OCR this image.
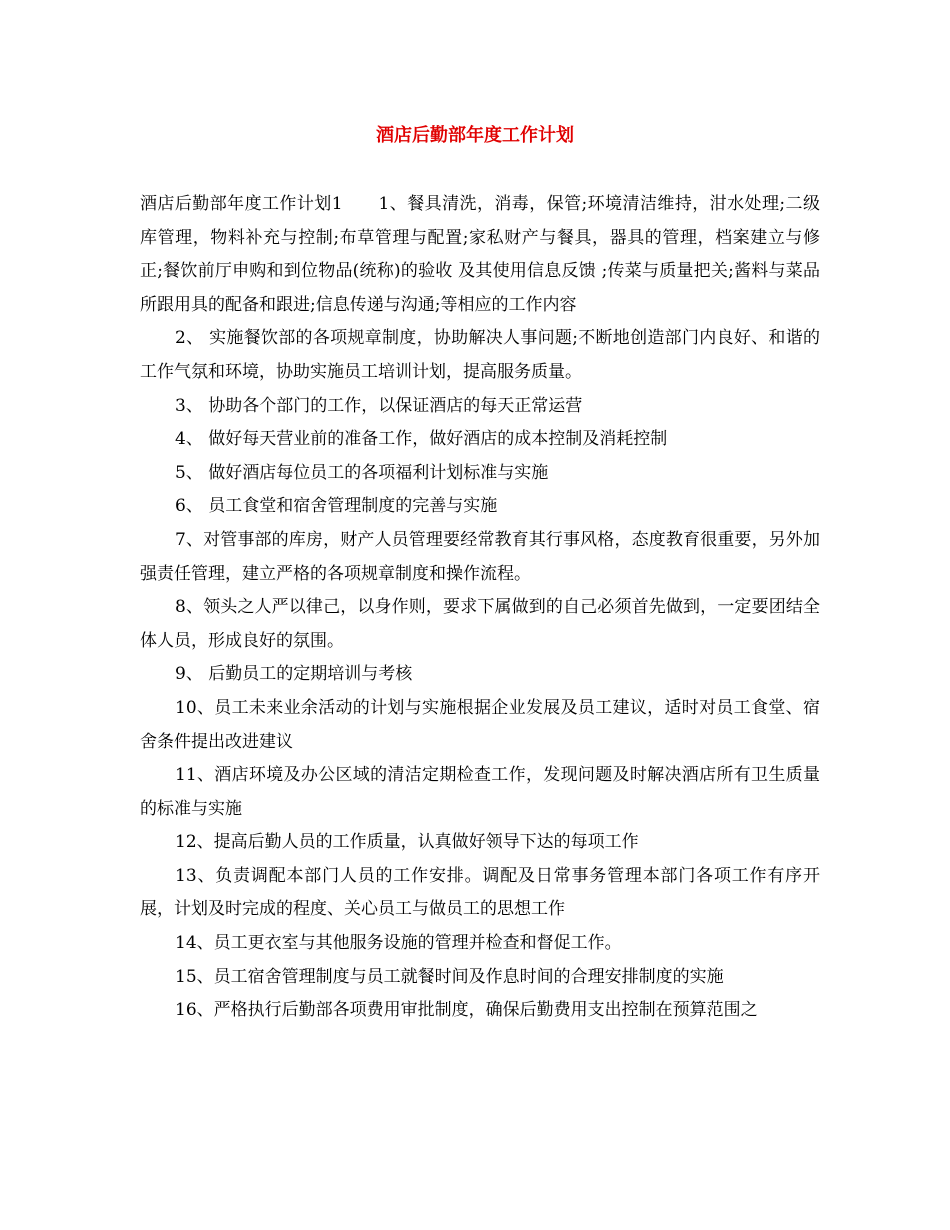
酒店后勤部年度工作计划

酒店后勤部年度工作计划1 1、餐具清洗，消毒，保管;环境清洁维持，泔水处理;二级库管理，物料补充与控制;布草管理与配置;家私财产与餐具，器具的管理，档案建立与修正;餐饮前厅申购和到位物品(统称)的验收 及其使用信息反馈 ;传菜与质量把关;酱料与菜品所跟用具的配备和跟进;信息传递与沟通;等相应的工作内容

2、 实施餐饮部的各项规章制度，协助解决人事问题;不断地创造部门内良好、和谐的工作气氛和环境，协助实施员工培训计划，提高服务质量。

3、 协助各个部门的工作，以保证酒店的每天正常运营

4、 做好每天营业前的准备工作，做好酒店的成本控制及消耗控制

5、 做好酒店每位员工的各项福利计划标准与实施

6、 员工食堂和宿舍管理制度的完善与实施

7、对管事部的库房，财产人员管理要经常教育其行事风格，态度教育很重要，另外加强责任管理，建立严格的各项规章制度和操作流程。

8、领头之人严以律己，以身作则，要求下属做到的自己必须首先做到，一定要团结全体人员，形成良好的氛围。

9、 后勤员工的定期培训与考核

10、员工未来业余活动的计划与实施根据企业发展及员工建议，适时对员工食堂、宿舍条件提出改进建议

11、酒店环境及办公区域的清洁定期检查工作，发现问题及时解决酒店所有卫生质量的标准与实施

12、提高后勤人员的工作质量，认真做好领导下达的每项工作

13、负责调配本部门人员的工作安排。调配及日常事务管理本部门各项工作有序开展，计划及时完成的程度、关心员工与做员工的思想工作

14、员工更衣室与其他服务设施的管理并检查和督促工作。

15、员工宿舍管理制度与员工就餐时间及作息时间的合理安排制度的实施

16、严格执行后勤部各项费用审批制度，确保后勤费用支出控制在预算范围之
